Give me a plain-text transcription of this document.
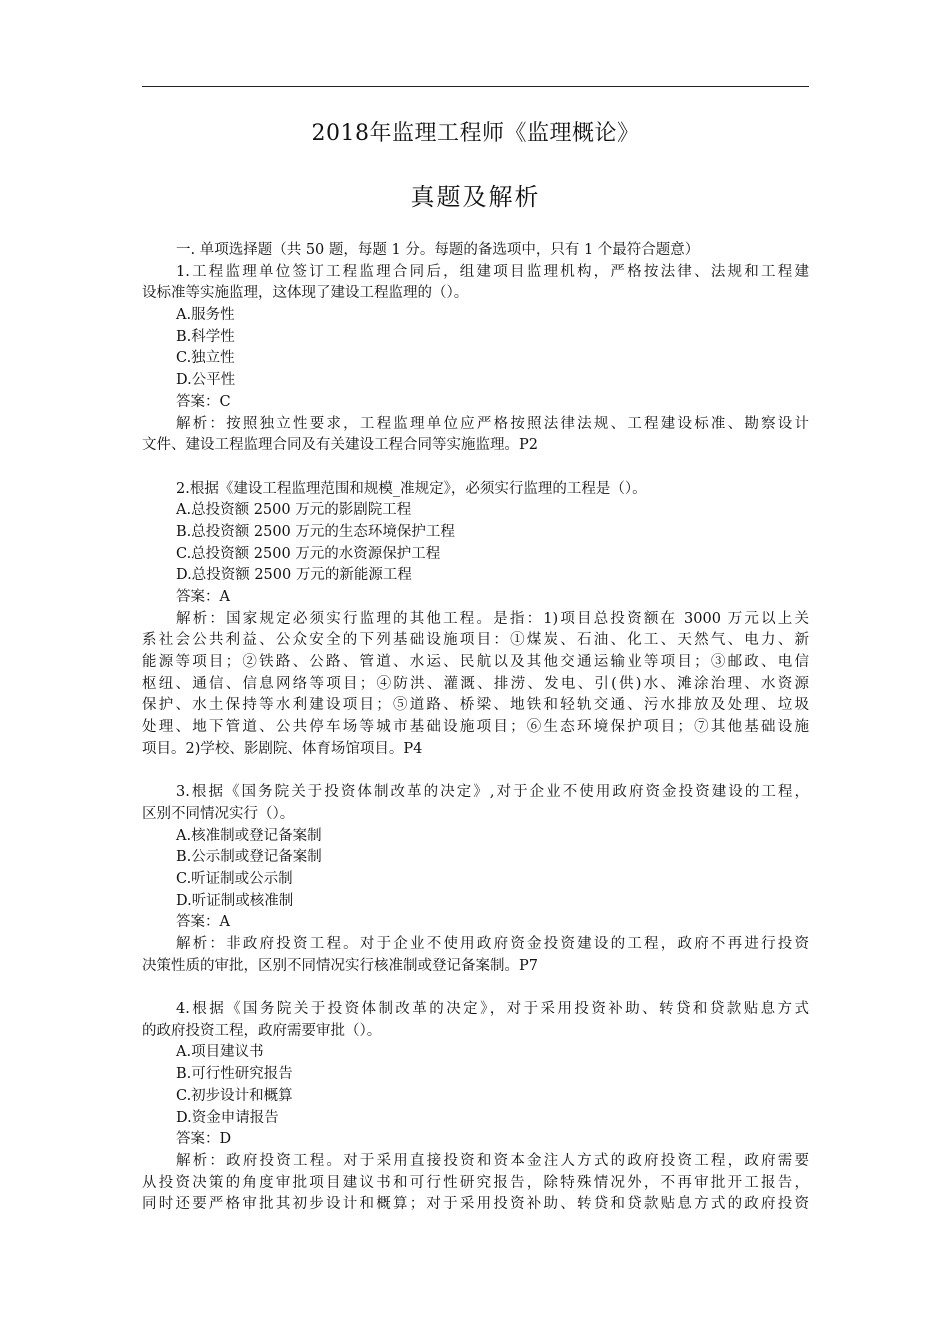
2018年监理工程师《监理概论》
真题及解析
一. 单项选择题（共 50 题，每题 1 分。每题的备选项中，只有 1 个最符合题意）
1.工程监理单位签订工程监理合同后，组建项目监理机构，严格按法律、法规和工程建
设标准等实施监理，这体现了建设工程监理的（）。
A.服务性
B.科学性
C.独立性
D.公平性
答案：C
解析：按照独立性要求，工程监理单位应严格按照法律法规、工程建设标准、勘察设计
文件、建设工程监理合同及有关建设工程合同等实施监理。P2
2.根据《建设工程监理范围和规模_准规定》，必须实行监理的工程是（）。
A.总投资额 2500 万元的影剧院工程
B.总投资额 2500 万元的生态环境保护工程
C.总投资额 2500 万元的水资源保护工程
D.总投资额 2500 万元的新能源工程
答案：A
解析：国家规定必须实行监理的其他工程。是指：1)项目总投资额在 3000 万元以上关
系社会公共利益、公众安全的下列基础设施项目：①煤炭、石油、化工、天然气、电力、新
能源等项目；②铁路、公路、管道、水运、民航以及其他交通运输业等项目；③邮政、电信
枢纽、通信、信息网络等项目；④防洪、灌溉、排涝、发电、引(供)水、滩涂治理、水资源
保护、水土保持等水利建设项目；⑤道路、桥梁、地铁和轻轨交通、污水排放及处理、垃圾
处理、地下管道、公共停车场等城市基础设施项目；⑥生态环境保护项目；⑦其他基础设施
项目。2)学校、影剧院、体育场馆项目。P4
3.根据《国务院关于投资体制改革的决定》,对于企业不使用政府资金投资建设的工程，
区别不同情况实行（）。
A.核准制或登记备案制
B.公示制或登记备案制
C.听证制或公示制
D.听证制或核准制
答案：A
解析：非政府投资工程。对于企业不使用政府资金投资建设的工程，政府不再进行投资
决策性质的审批，区别不同情况实行核准制或登记备案制。P7
4.根据《国务院关于投资体制改革的决定》，对于采用投资补助、转贷和贷款贴息方式
的政府投资工程，政府需要审批（）。
A.项目建议书
B.可行性研究报告
C.初步设计和概算
D.资金申请报告
答案：D
解析：政府投资工程。对于采用直接投资和资本金注人方式的政府投资工程，政府需要
从投资决策的角度审批项目建议书和可行性研究报告，除特殊情况外，不再审批开工报告，
同时还要严格审批其初步设计和概算；对于采用投资补助、转贷和贷款贴息方式的政府投资
